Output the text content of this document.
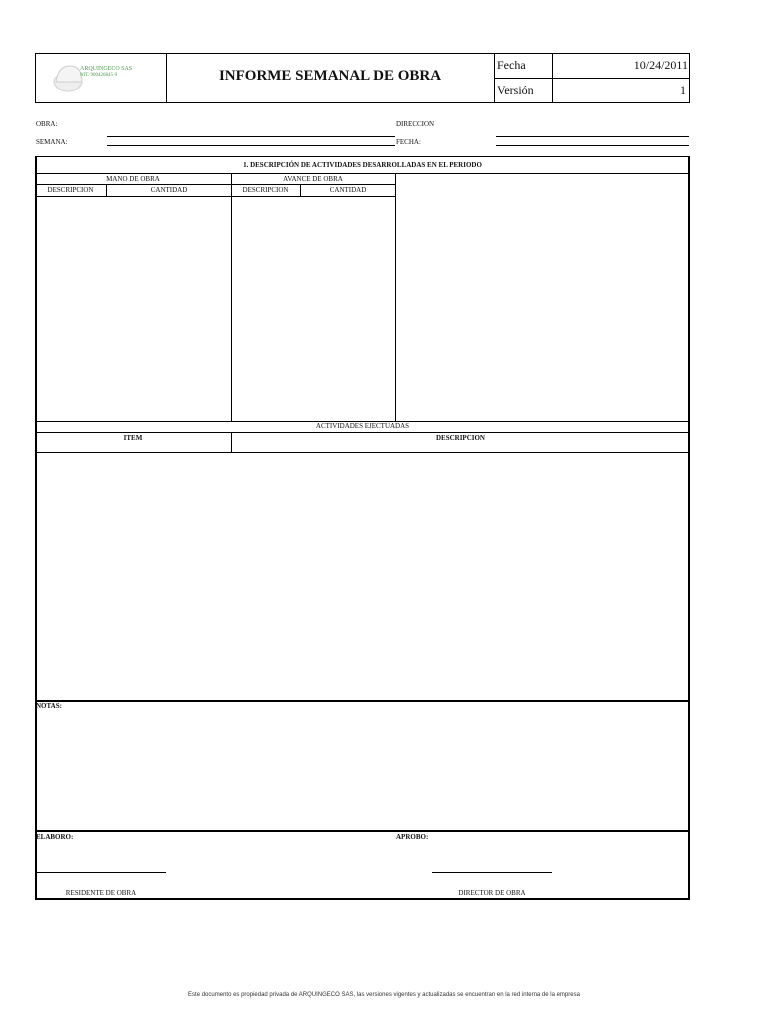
ARQUINGECO SAS
NIT. 900426845-9	INFORME SEMANAL DE OBRA
Fecha	10/24/2011
Versión	1
OBRA:
SEMANA:
DIRECCION
FECHA:
1. DESCRIPCIÓN DE ACTIVIDADES DESARROLLADAS EN EL PERIODO
MANO DE OBRA	AVANCE DE OBRA
DESCRIPCION	CANTIDAD	DESCRIPCION	CANTIDAD
ACTIVIDADES EJECTUADAS
ITEM	DESCRIPCION
NOTAS:
ELABORO:	APROBO:
RESIDENTE DE OBRA	DIRECTOR DE OBRA
Este documento es propiedad privada de ARQUINGECO SAS, las versiones vigentes y actualizadas se encuentran en la red interna de la empresa
